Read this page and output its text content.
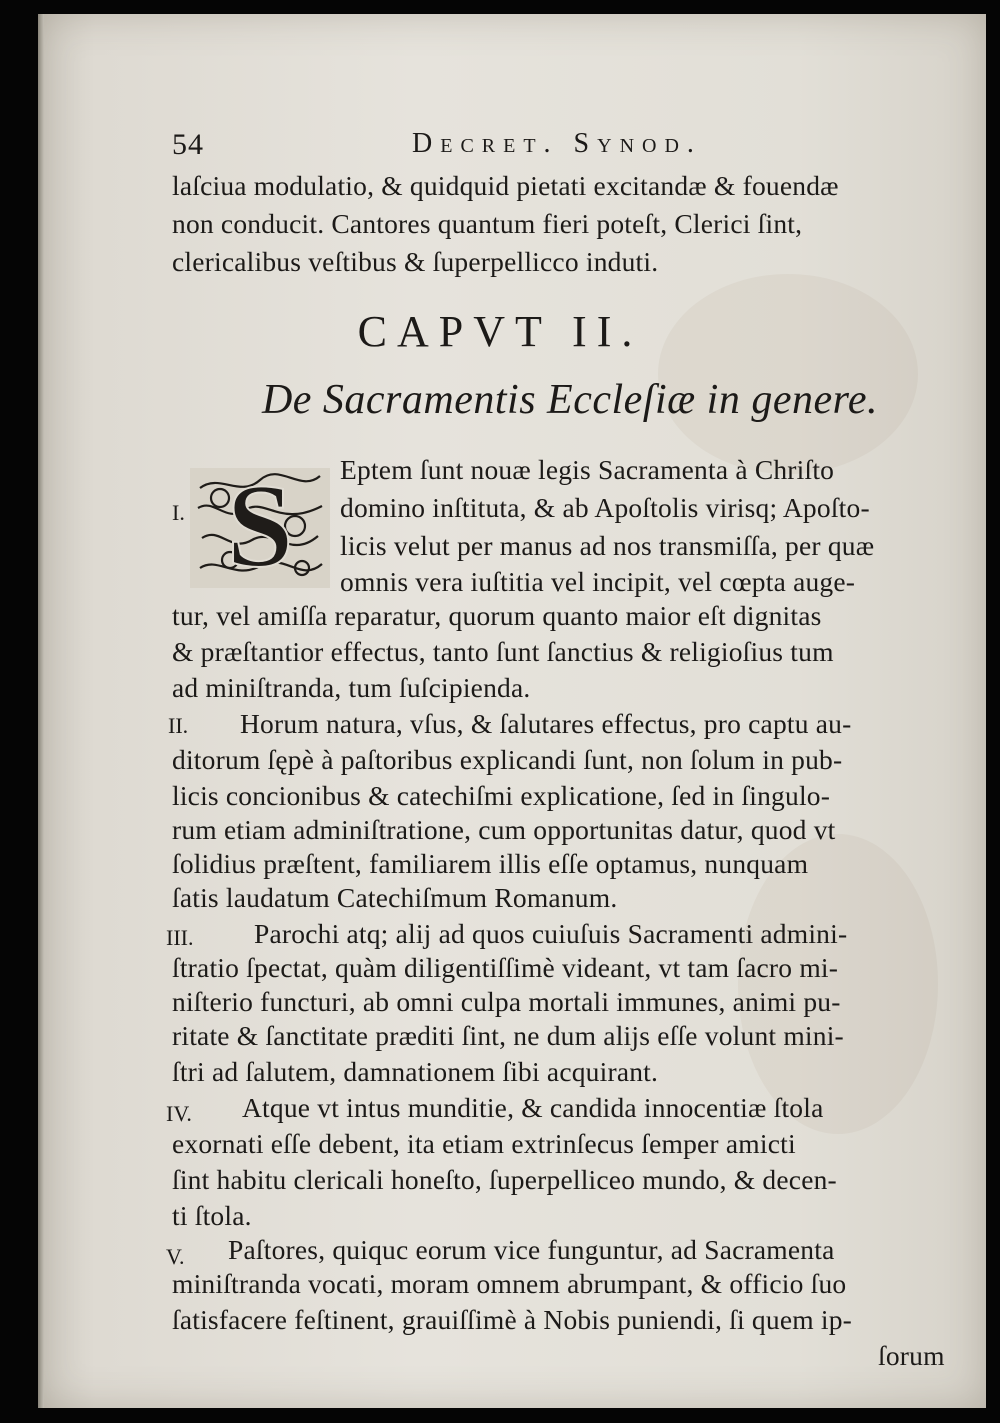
54	Decret. Synod.
laſciua modulatio, & quidquid pietati excitandæ & fouendæ
non conducit. Cantores quantum fieri poteſt, Clerici ſint,
clericalibus veſtibus & ſuperpellicco induti.
CAPVT II.
De Sacramentis Eccleſiæ in genere.
S
I.
II.
III.
IV.
V.
Eptem ſunt nouæ legis Sacramenta à Chriſto
domino inſtituta, & ab Apoſtolis virisq; Apoſto-
licis velut per manus ad nos transmiſſa, per quæ
omnis vera iuſtitia vel incipit, vel cœpta auge-
tur, vel amiſſa reparatur, quorum quanto maior eſt dignitas
& præſtantior effectus, tanto ſunt ſanctius & religioſius tum
ad miniſtranda, tum ſuſcipienda.
Horum natura, vſus, & ſalutares effectus, pro captu au-
ditorum ſępè à paſtoribus explicandi ſunt, non ſolum in pub-
licis concionibus & catechiſmi explicatione, ſed in ſingulo-
rum etiam adminiſtratione, cum opportunitas datur, quod vt
ſolidius præſtent, familiarem illis eſſe optamus, nunquam
ſatis laudatum Catechiſmum Romanum.
Parochi atq; alij ad quos cuiuſuis Sacramenti admini-
ſtratio ſpectat, quàm diligentiſſimè videant, vt tam ſacro mi-
niſterio functuri, ab omni culpa mortali immunes, animi pu-
ritate & ſanctitate præditi ſint, ne dum alijs eſſe volunt mini-
ſtri ad ſalutem, damnationem ſibi acquirant.
Atque vt intus munditie, & candida innocentiæ ſtola
exornati eſſe debent, ita etiam extrinſecus ſemper amicti
ſint habitu clericali honeſto, ſuperpelliceo mundo, & decen-
ti ſtola.
Paſtores, quiquc eorum vice funguntur, ad Sacramenta
miniſtranda vocati, moram omnem abrumpant, & officio ſuo
ſatisfacere feſtinent, grauiſſimè à Nobis puniendi, ſi quem ip-
ſorum
